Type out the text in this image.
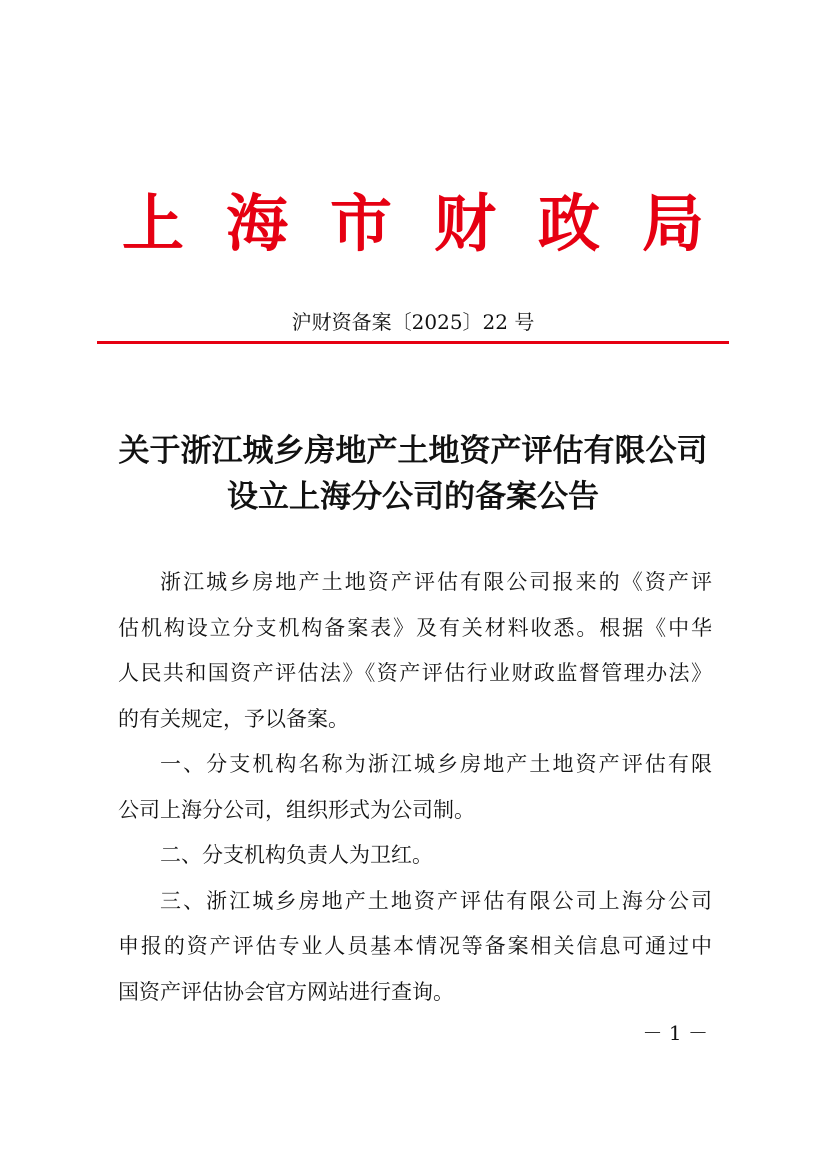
上海市财政局
沪财资备案〔2025〕22 号
关于浙江城乡房地产土地资产评估有限公司
设立上海分公司的备案公告

浙江城乡房地产土地资产评估有限公司报来的《资产评
估机构设立分支机构备案表》及有关材料收悉。根据《中华
人民共和国资产评估法》《资产评估行业财政监督管理办法》
的有关规定，予以备案。

一、分支机构名称为浙江城乡房地产土地资产评估有限
公司上海分公司，组织形式为公司制。

二、分支机构负责人为卫红。

三、浙江城乡房地产土地资产评估有限公司上海分公司
申报的资产评估专业人员基本情况等备案相关信息可通过中
国资产评估协会官方网站进行查询。

－ 1 －
